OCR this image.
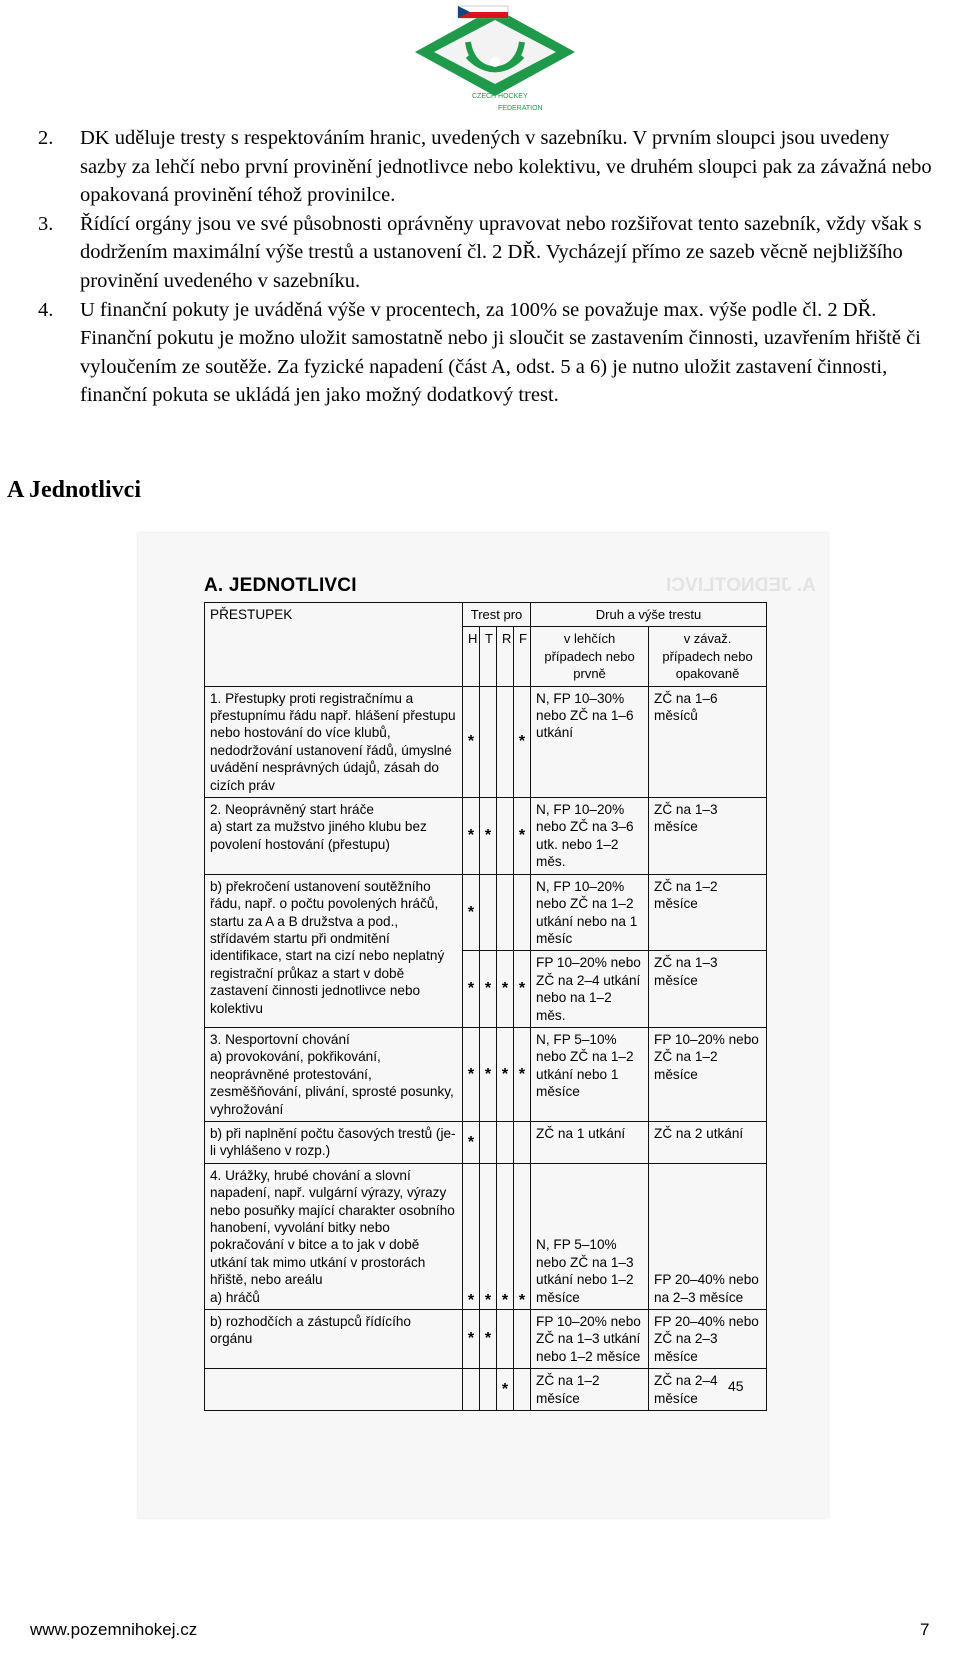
CZECH HOCKEY
FEDERATION
2.	DK uděluje tresty s respektováním hranic, uvedených v sazebníku. V prvním sloupci jsou uvedeny sazby za lehčí nebo první provinění jednotlivce nebo kolektivu, ve druhém sloupci pak za závažná nebo opakovaná provinění téhož provinilce.
3.	Řídící orgány jsou ve své působnosti oprávněny upravovat nebo rozšiřovat tento sazebník, vždy však s dodržením maximální výše trestů a ustanovení čl. 2 DŘ. Vycházejí přímo ze sazeb věcně nejbližšího provinění uvedeného v sazebníku.
4.	U finanční pokuty je uváděná výše v procentech, za 100% se považuje max. výše podle čl. 2 DŘ. Finanční pokutu je možno uložit samostatně nebo ji sloučit se zastavením činnosti, uzavřením hřiště či vyloučením ze soutěže. Za fyzické napadení (část A, odst. 5 a 6) je nutno uložit zastavení činnosti, finanční pokuta se ukládá jen jako možný dodatkový trest.
A Jednotlivci
A. JEDNOTLIVCI
A. JEDNOTLIVCI
PŘESTUPEK	Trest pro				Druh a výše trestu	
	H	T	R	F	v lehčích případech nebo prvně	v závaž. případech nebo opakovaně
1. Přestupky proti registračnímu a přestupnímu řádu např. hlášení přestupu nebo hostování do více klubů, nedodržování ustanovení řádů, úmyslné uvádění nesprávných údajů, zásah do cizích práv	*			*	N, FP 10–30% nebo ZČ na 1–6 utkání	ZČ na 1–6 měsíců

2. Neoprávněný start hráče
a) start za mužstvo jiného klubu bez povolení hostování (přestupu)	*	*		*	N, FP 10–20% nebo ZČ na 3–6 utk. nebo 1–2 měs.	ZČ na 1–3 měsíce
b) překročení ustanovení soutěžního řádu, např. o počtu povolených hráčů, startu za A a B družstva a pod., střídavém startu při ondmitění identifikace, start na cizí nebo neplatný registrační průkaz a start v době zastavení činnosti jednotlivce nebo kolektivu	*				N, FP 10–20% nebo ZČ na 1–2 utkání nebo na 1 měsíc	ZČ na 1–2 měsíce
	*	*	*	*	FP 10–20% nebo ZČ na 2–4 utkání nebo na 1–2 měs.	ZČ na 1–3 měsíce

3. Nesportovní chování
a) provokování, pokřikování, neoprávněné protestování, zesměšňování, plivání, sprosté posunky, vyhrožování	*	*	*	*	N, FP 5–10% nebo ZČ na 1–2 utkání nebo 1 měsíce	FP 10–20% nebo ZČ na 1–2 měsíce
b) při naplnění počtu časových trestů (je-li vyhlášeno v rozp.)	*				ZČ na 1 utkání	ZČ na 2 utkání

4. Urážky, hrubé chování a slovní napadení, např. vulgární výrazy, výrazy nebo posuňky mající charakter osobního hanobení, vyvolání bitky nebo pokračování v bitce a to jak v době utkání tak mimo utkání v prostorách hřiště, nebo areálu
a) hráčů	*	*	*	*	N, FP 5–10% nebo ZČ na 1–3 utkání nebo 1–2 měsíce	FP 20–40% nebo na 2–3 měsíce
b) rozhodčích a zástupců řídícího orgánu	*	*			FP 10–20% nebo ZČ na 1–3 utkání nebo 1–2 měsíce	FP 20–40% nebo ZČ na 2–3 měsíce
			*		ZČ na 1–2 měsíce	ZČ na 2–4 měsíce
45
www.pozemnihokej.cz	7
